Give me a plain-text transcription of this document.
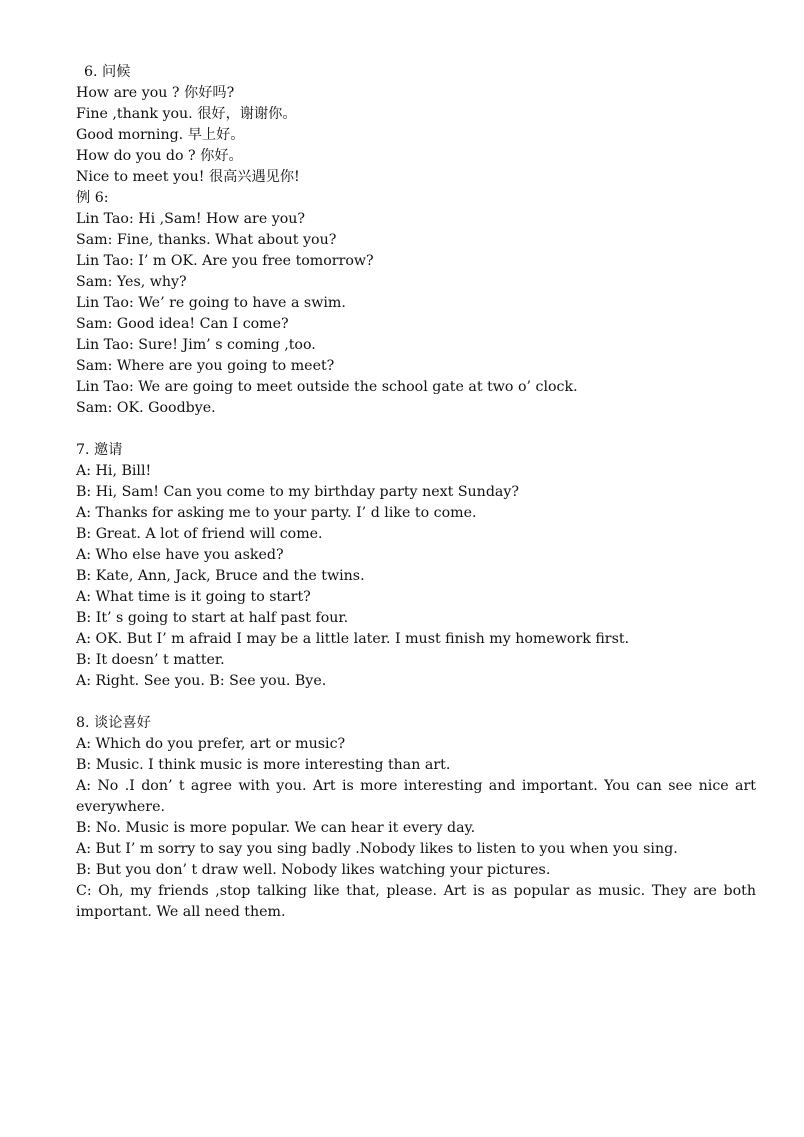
6. 问候
How are you ? 你好吗?
Fine ,thank you. 很好，谢谢你。
Good morning. 早上好。
How do you do ? 你好。
Nice to meet you! 很高兴遇见你!
例 6:
Lin Tao: Hi ,Sam! How are you?
Sam: Fine, thanks. What about you?
Lin Tao: I’ m OK. Are you free tomorrow?
Sam: Yes, why?
Lin Tao: We’ re going to have a swim.
Sam: Good idea! Can I come?
Lin Tao: Sure! Jim’ s coming ,too.
Sam: Where are you going to meet?
Lin Tao: We are going to meet outside the school gate at two o’ clock.
Sam: OK. Goodbye.
7. 邀请
A: Hi, Bill!
B: Hi, Sam! Can you come to my birthday party next Sunday?
A: Thanks for asking me to your party. I’ d like to come.
B: Great. A lot of friend will come.
A: Who else have you asked?
B: Kate, Ann, Jack, Bruce and the twins.
A: What time is it going to start?
B: It’ s going to start at half past four.
A: OK. But I’ m afraid I may be a little later. I must finish my homework first.
B: It doesn’ t matter.
A: Right. See you. B: See you. Bye.
8. 谈论喜好
A: Which do you prefer, art or music?
B: Music. I think music is more interesting than art.
A: No .I don’ t agree with you. Art is more interesting and important. You can see nice art everywhere.
B: No. Music is more popular. We can hear it every day.
A: But I’ m sorry to say you sing badly .Nobody likes to listen to you when you sing.
B: But you don’ t draw well. Nobody likes watching your pictures.
C: Oh, my friends ,stop talking like that, please. Art is as popular as music. They are both important. We all need them.
